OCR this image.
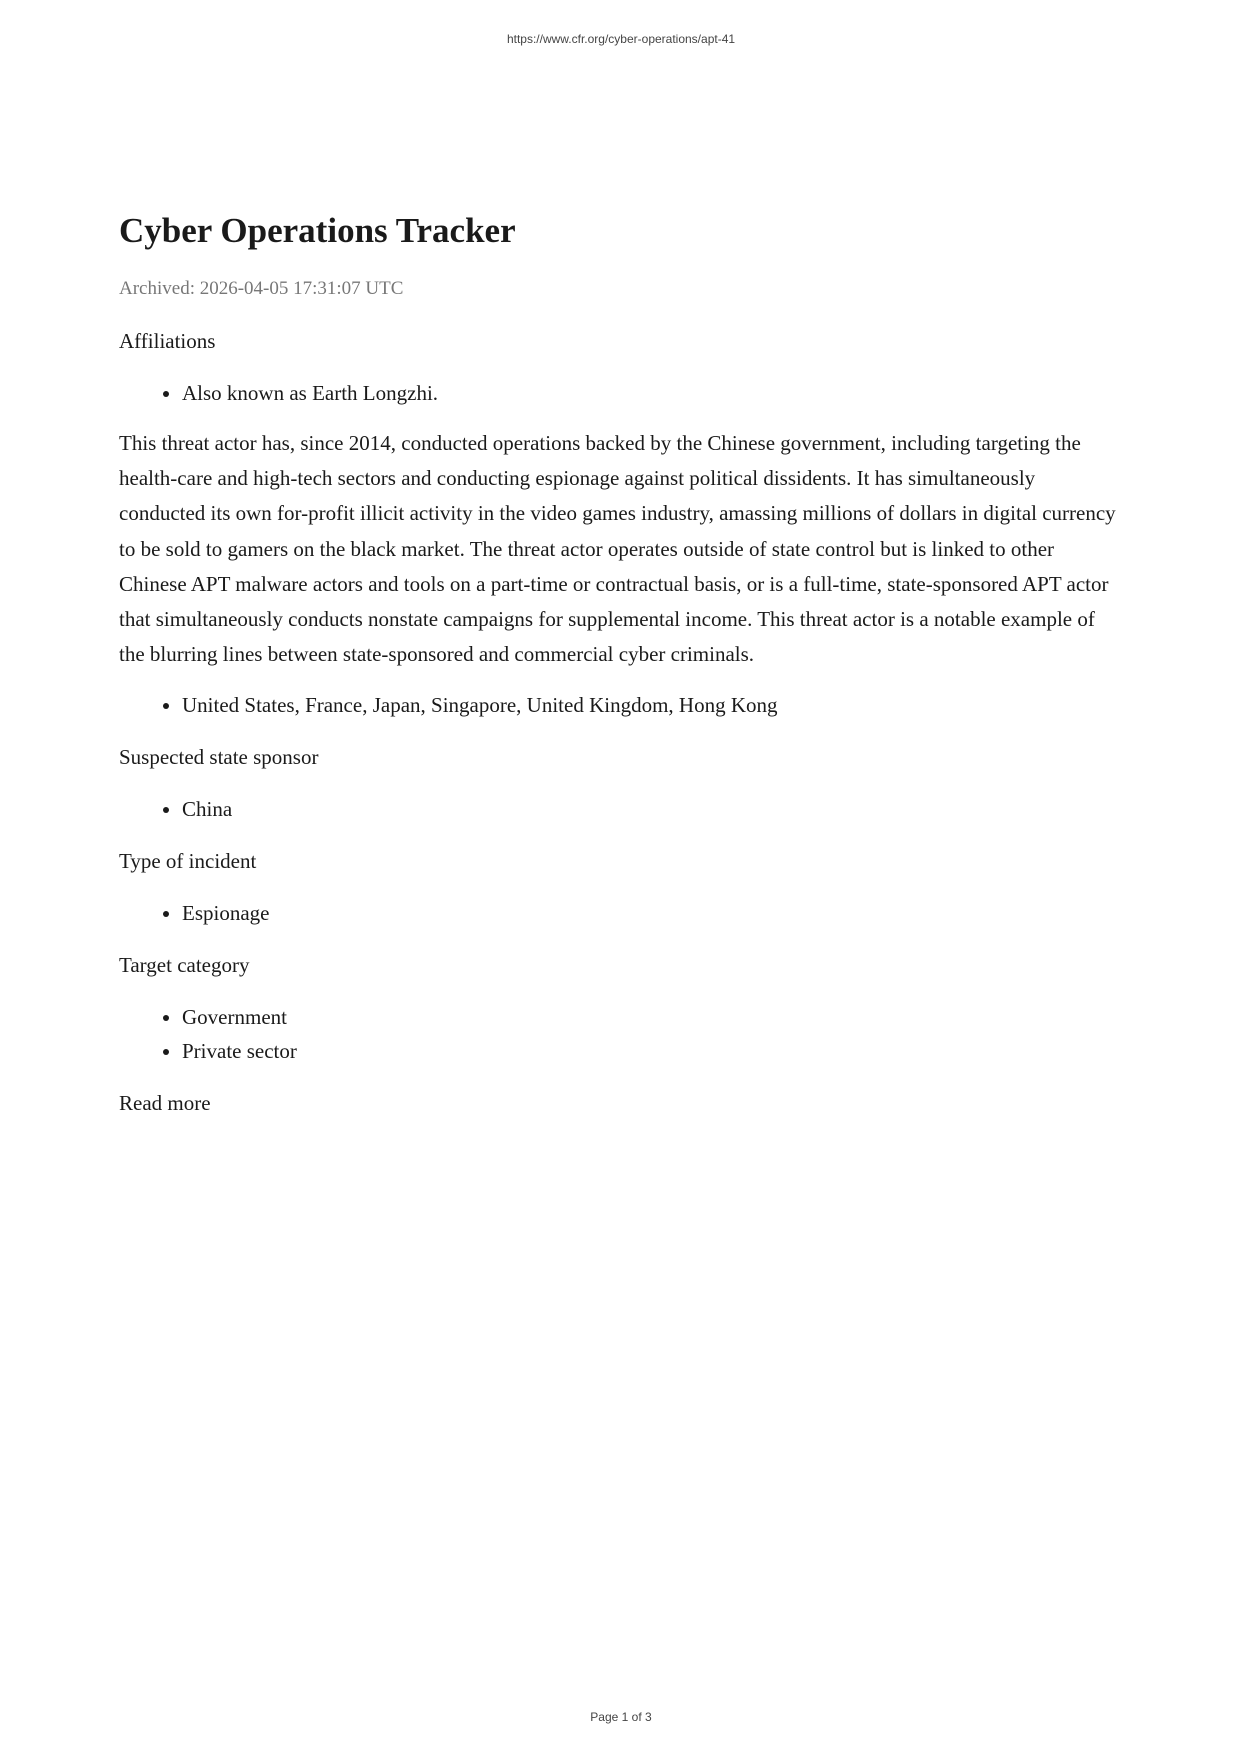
https://www.cfr.org/cyber-operations/apt-41
Cyber Operations Tracker
Archived: 2026-04-05 17:31:07 UTC
Affiliations
• Also known as Earth Longzhi.

This threat actor has, since 2014, conducted operations backed by the Chinese government, including targeting the health-care and high-tech sectors and conducting espionage against political dissidents. It has simultaneously conducted its own for-profit illicit activity in the video games industry, amassing millions of dollars in digital currency to be sold to gamers on the black market. The threat actor operates outside of state control but is linked to other Chinese APT malware actors and tools on a part-time or contractual basis, or is a full-time, state-sponsored APT actor that simultaneously conducts nonstate campaigns for supplemental income. This threat actor is a notable example of the blurring lines between state-sponsored and commercial cyber criminals.

• United States, France, Japan, Singapore, United Kingdom, Hong Kong
Suspected state sponsor
• China
Type of incident
• Espionage
Target category
• Government
• Private sector
Read more
Page 1 of 3
